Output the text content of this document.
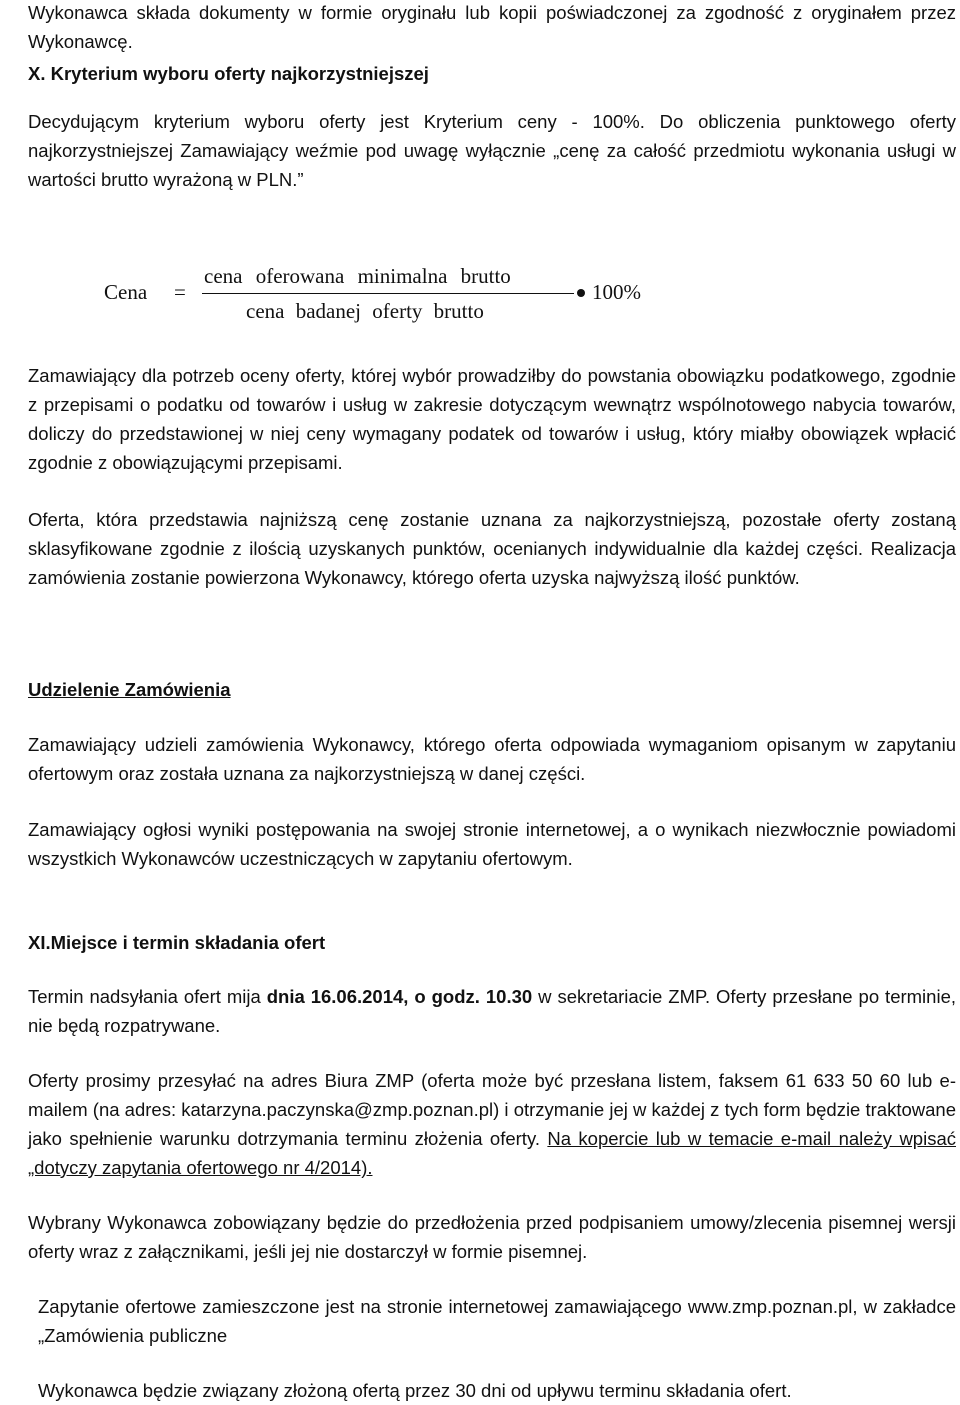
Wykonawca składa dokumenty w formie oryginału lub kopii poświadczonej za zgodność z oryginałem przez Wykonawcę.

X. Kryterium wyboru oferty najkorzystniejszej

Decydującym kryterium wyboru oferty jest Kryterium ceny - 100%. Do obliczenia punktowego oferty najkorzystniejszej Zamawiający weźmie pod uwagę wyłącznie „cenę za całość przedmiotu wykonania usługi w wartości brutto wyrażoną w PLN.”

Cena =
cena oferowana minimalna brutto
cena badanej oferty brutto
100%

Zamawiający dla potrzeb oceny oferty, której wybór prowadziłby do powstania obowiązku podatkowego, zgodnie z przepisami o podatku od towarów i usług w zakresie dotyczącym wewnątrz wspólnotowego nabycia towarów, doliczy do przedstawionej w niej ceny wymagany podatek od towarów i usług, który miałby obowiązek wpłacić zgodnie z obowiązującymi przepisami.

Oferta, która przedstawia najniższą cenę zostanie uznana za najkorzystniejszą, pozostałe oferty zostaną sklasyfikowane zgodnie z ilością uzyskanych punktów, ocenianych indywidualnie dla każdej części. Realizacja zamówienia zostanie powierzona Wykonawcy, którego oferta uzyska najwyższą ilość punktów.

Udzielenie Zamówienia

Zamawiający udzieli zamówienia Wykonawcy, którego oferta odpowiada wymaganiom opisanym w zapytaniu ofertowym oraz została uznana za najkorzystniejszą w danej części.

Zamawiający ogłosi wyniki postępowania na swojej stronie internetowej, a o wynikach niezwłocznie powiadomi wszystkich Wykonawców uczestniczących w zapytaniu ofertowym.

XI.Miejsce i termin składania ofert

Termin nadsyłania ofert mija dnia 16.06.2014, o godz. 10.30 w sekretariacie ZMP. Oferty przesłane po terminie, nie będą rozpatrywane.

Oferty prosimy przesyłać na adres Biura ZMP (oferta może być przesłana listem, faksem 61 633 50 60 lub e-mailem (na adres: katarzyna.paczynska@zmp.poznan.pl) i otrzymanie jej w każdej z tych form będzie traktowane jako spełnienie warunku dotrzymania terminu złożenia oferty. Na kopercie lub w temacie e-mail należy wpisać „dotyczy zapytania ofertowego nr 4/2014).

Wybrany Wykonawca zobowiązany będzie do przedłożenia przed podpisaniem umowy/zlecenia pisemnej wersji oferty wraz z załącznikami, jeśli jej nie dostarczył w formie pisemnej.

Zapytanie ofertowe zamieszczone jest na stronie internetowej zamawiającego www.zmp.poznan.pl, w zakładce „Zamówienia publiczne

Wykonawca będzie związany złożoną ofertą przez 30 dni od upływu terminu składania ofert.
